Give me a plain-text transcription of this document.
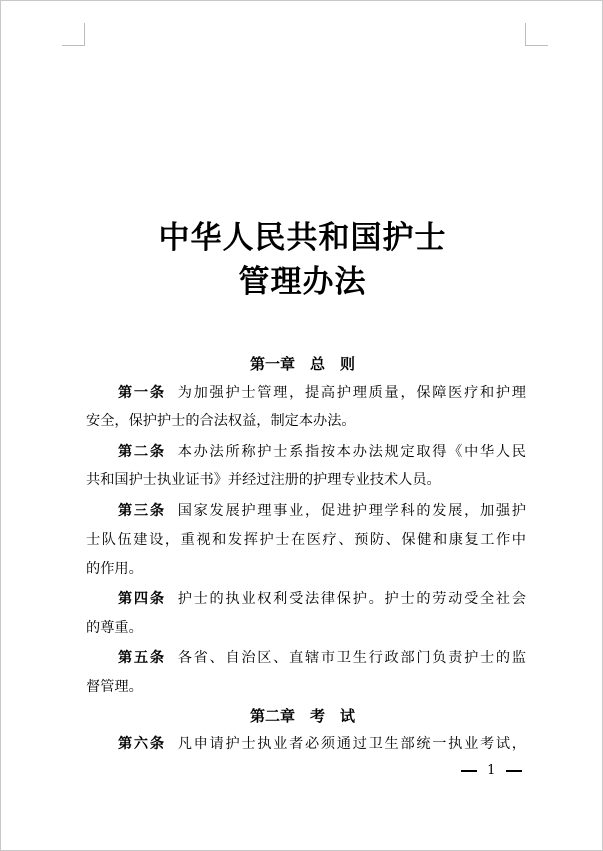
中华人民共和国护士
管理办法
第一章　总　则
第一条 为加强护士管理，提高护理质量，保障医疗和护理
安全，保护护士的合法权益，制定本办法。
第二条 本办法所称护士系指按本办法规定取得《中华人民
共和国护士执业证书》并经过注册的护理专业技术人员。
第三条 国家发展护理事业，促进护理学科的发展，加强护
士队伍建设，重视和发挥护士在医疗、预防、保健和康复工作中
的作用。
第四条 护士的执业权利受法律保护。护士的劳动受全社会
的尊重。
第五条 各省、自治区、直辖市卫生行政部门负责护士的监
督管理。
第二章　考　试
第六条 凡申请护士执业者必须通过卫生部统一执业考试，
1
